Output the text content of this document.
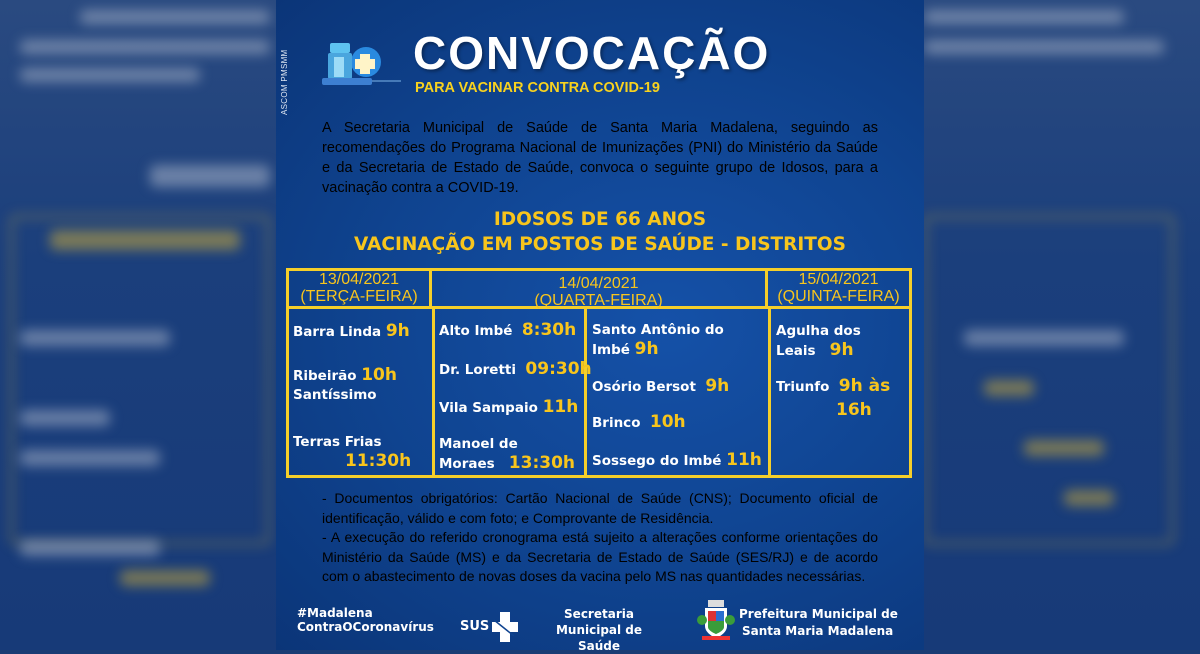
ASCOM PMSMM	CONVOCAÇÃO
PARA VACINAR CONTRA COVID-19

A Secretaria Municipal de Saúde de Santa Maria Madalena, seguindo as recomendações do Programa Nacional de Imunizações (PNI) do Ministério da Saúde e da Secretaria de Estado de Saúde, convoca o seguinte grupo de Idosos, para a vacinação contra a COVID-19.

IDOSOS DE 66 ANOS
VACINAÇÃO EM POSTOS DE SAÚDE - DISTRITOS
13/04/2021
(TERÇA-FEIRA)
14/04/2021
(QUARTA-FEIRA)
15/04/2021
(QUINTA-FEIRA)
Barra Linda 9h
Ribeirão 10h
Santíssimo
Terras Frias
11:30h
Alto Imbé 8:30h
Dr. Loretti 09:30h
Vila Sampaio 11h
Manoel de
Moraes 13:30h
Santo Antônio do
Imbé 9h
Osório Bersot 9h
Brinco 10h
Sossego do Imbé 11h
Agulha dos
Leais 9h
Triunfo 9h às
16h

- Documentos obrigatórios: Cartão Nacional de Saúde (CNS); Documento oficial de identificação, válido e com foto; e Comprovante de Residência.

- A execução do referido cronograma está sujeito a alterações conforme orientações do Ministério da Saúde (MS) e da Secretaria de Estado de Saúde (SES/RJ) e de acordo com o abastecimento de novas doses da vacina pelo MS nas quantidades necessárias.

#Madalena
ContraOCoronavírus SUS
Secretaria
Municipal de Saúde
Prefeitura Municipal de
Santa Maria Madalena
